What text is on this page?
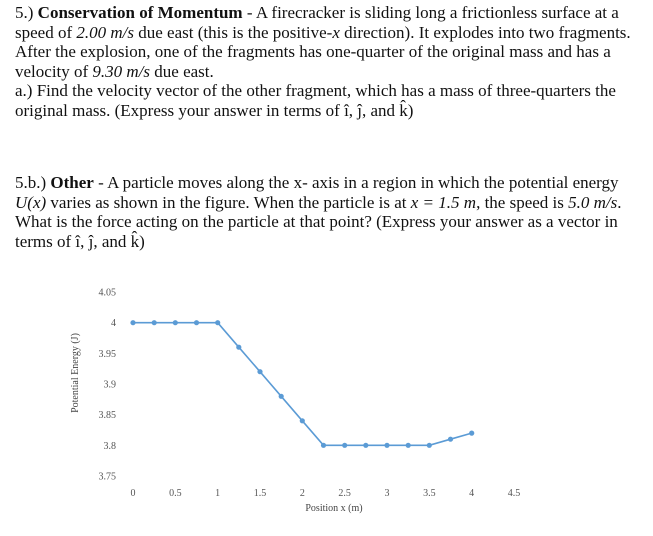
5.) Conservation of Momentum - A firecracker is sliding long a frictionless surface at a speed of 2.00 m/s due east (this is the positive-x direction). It explodes into two fragments. After the explosion, one of the fragments has one-quarter of the original mass and has a velocity of 9.30 m/s due east.
a.) Find the velocity vector of the other fragment, which has a mass of three-quarters the original mass. (Express your answer in terms of î, ĵ, and k̂)
5.b.) Other - A particle moves along the x- axis in a region in which the potential energy U(x) varies as shown in the figure. When the particle is at x = 1.5 m, the speed is 5.0 m/s. What is the force acting on the particle at that point? (Express your answer as a vector in terms of î, ĵ, and k̂)
Potential Energy (J)
Position x (m)
4.05
4
3.95
3.9
3.85
3.8
3.75
0	0.5	1	1.5	2	2.5	3	3.5	4	4.5
